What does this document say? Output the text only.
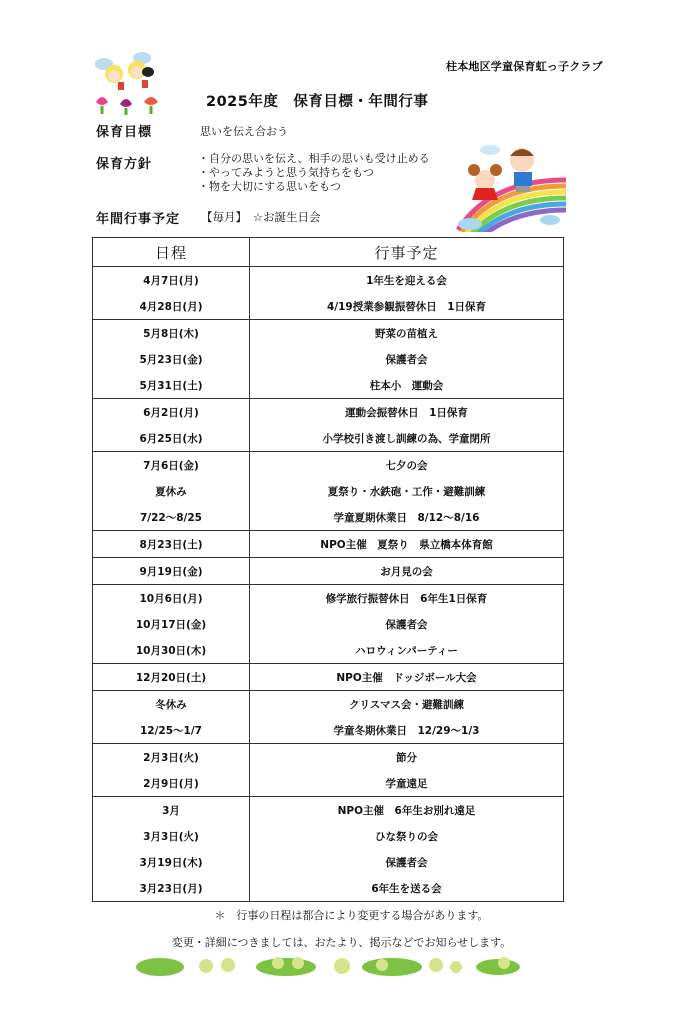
柱本地区学童保育虹っ子クラブ
2025年度　保育目標・年間行事
保育目標	思いを伝え合おう
保育方針	・自分の思いを伝え、相手の思いも受け止める
・やってみようと思う気持ちをもつ
・物を大切にする思いをもつ
年間行事予定 【毎月】　☆お誕生日会
日程	行事予定
4月7日(月)	1年生を迎える会
4月28日(月)	4/19授業参観振替休日　1日保育
5月8日(木)	野菜の苗植え
5月23日(金)	保護者会
5月31日(土)	柱本小　運動会
6月2日(月)	運動会振替休日　1日保育
6月25日(水)	小学校引き渡し訓練の為、学童閉所
7月6日(金)	七夕の会
夏休み	夏祭り・水鉄砲・工作・避難訓練
7/22～8/25	学童夏期休業日　8/12～8/16
8月23日(土)	NPO主催　夏祭り　県立橋本体育館
9月19日(金)	お月見の会
10月6日(月)	修学旅行振替休日　6年生1日保育
10月17日(金)	保護者会
10月30日(木)	ハロウィンパーティー
12月20日(土)	NPO主催　ドッジボール大会
冬休み	クリスマス会・避難訓練
12/25～1/7	学童冬期休業日　12/29～1/3
2月3日(火)	節分
2月9日(月)	学童遠足
3月	NPO主催　6年生お別れ遠足
3月3日(火)	ひな祭りの会
3月19日(木)	保護者会
3月23日(月)	6年生を送る会
＊　行事の日程は都合により変更する場合があります。
変更・詳細につきましては、おたより、掲示などでお知らせします。
